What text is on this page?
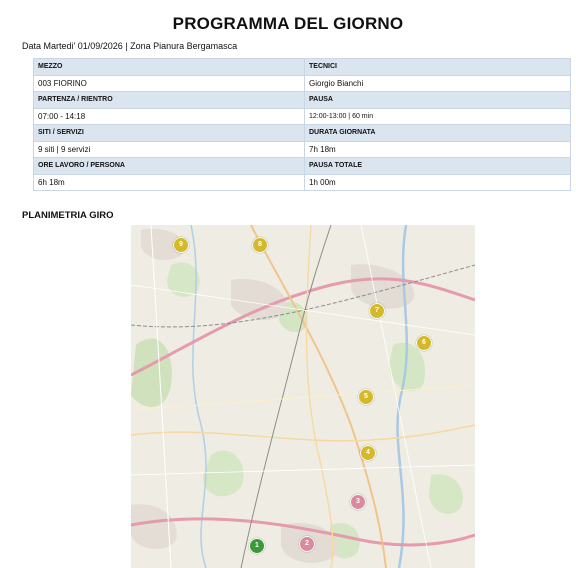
PROGRAMMA DEL GIORNO
Data Martedi' 01/09/2026 | Zona Pianura Bergamasca
MEZZO	TECNICI
003 FIORINO	Giorgio Bianchi
PARTENZA / RIENTRO	PAUSA
07:00 - 14:18	12:00-13:00 | 60 min
SITI / SERVIZI	DURATA GIORNATA
9 siti | 9 servizi	7h 18m
ORE LAVORO / PERSONA	PAUSA TOTALE
6h 18m	1h 00m
PLANIMETRIA GIRO
1	2
3
4
5
6
7
8
9
